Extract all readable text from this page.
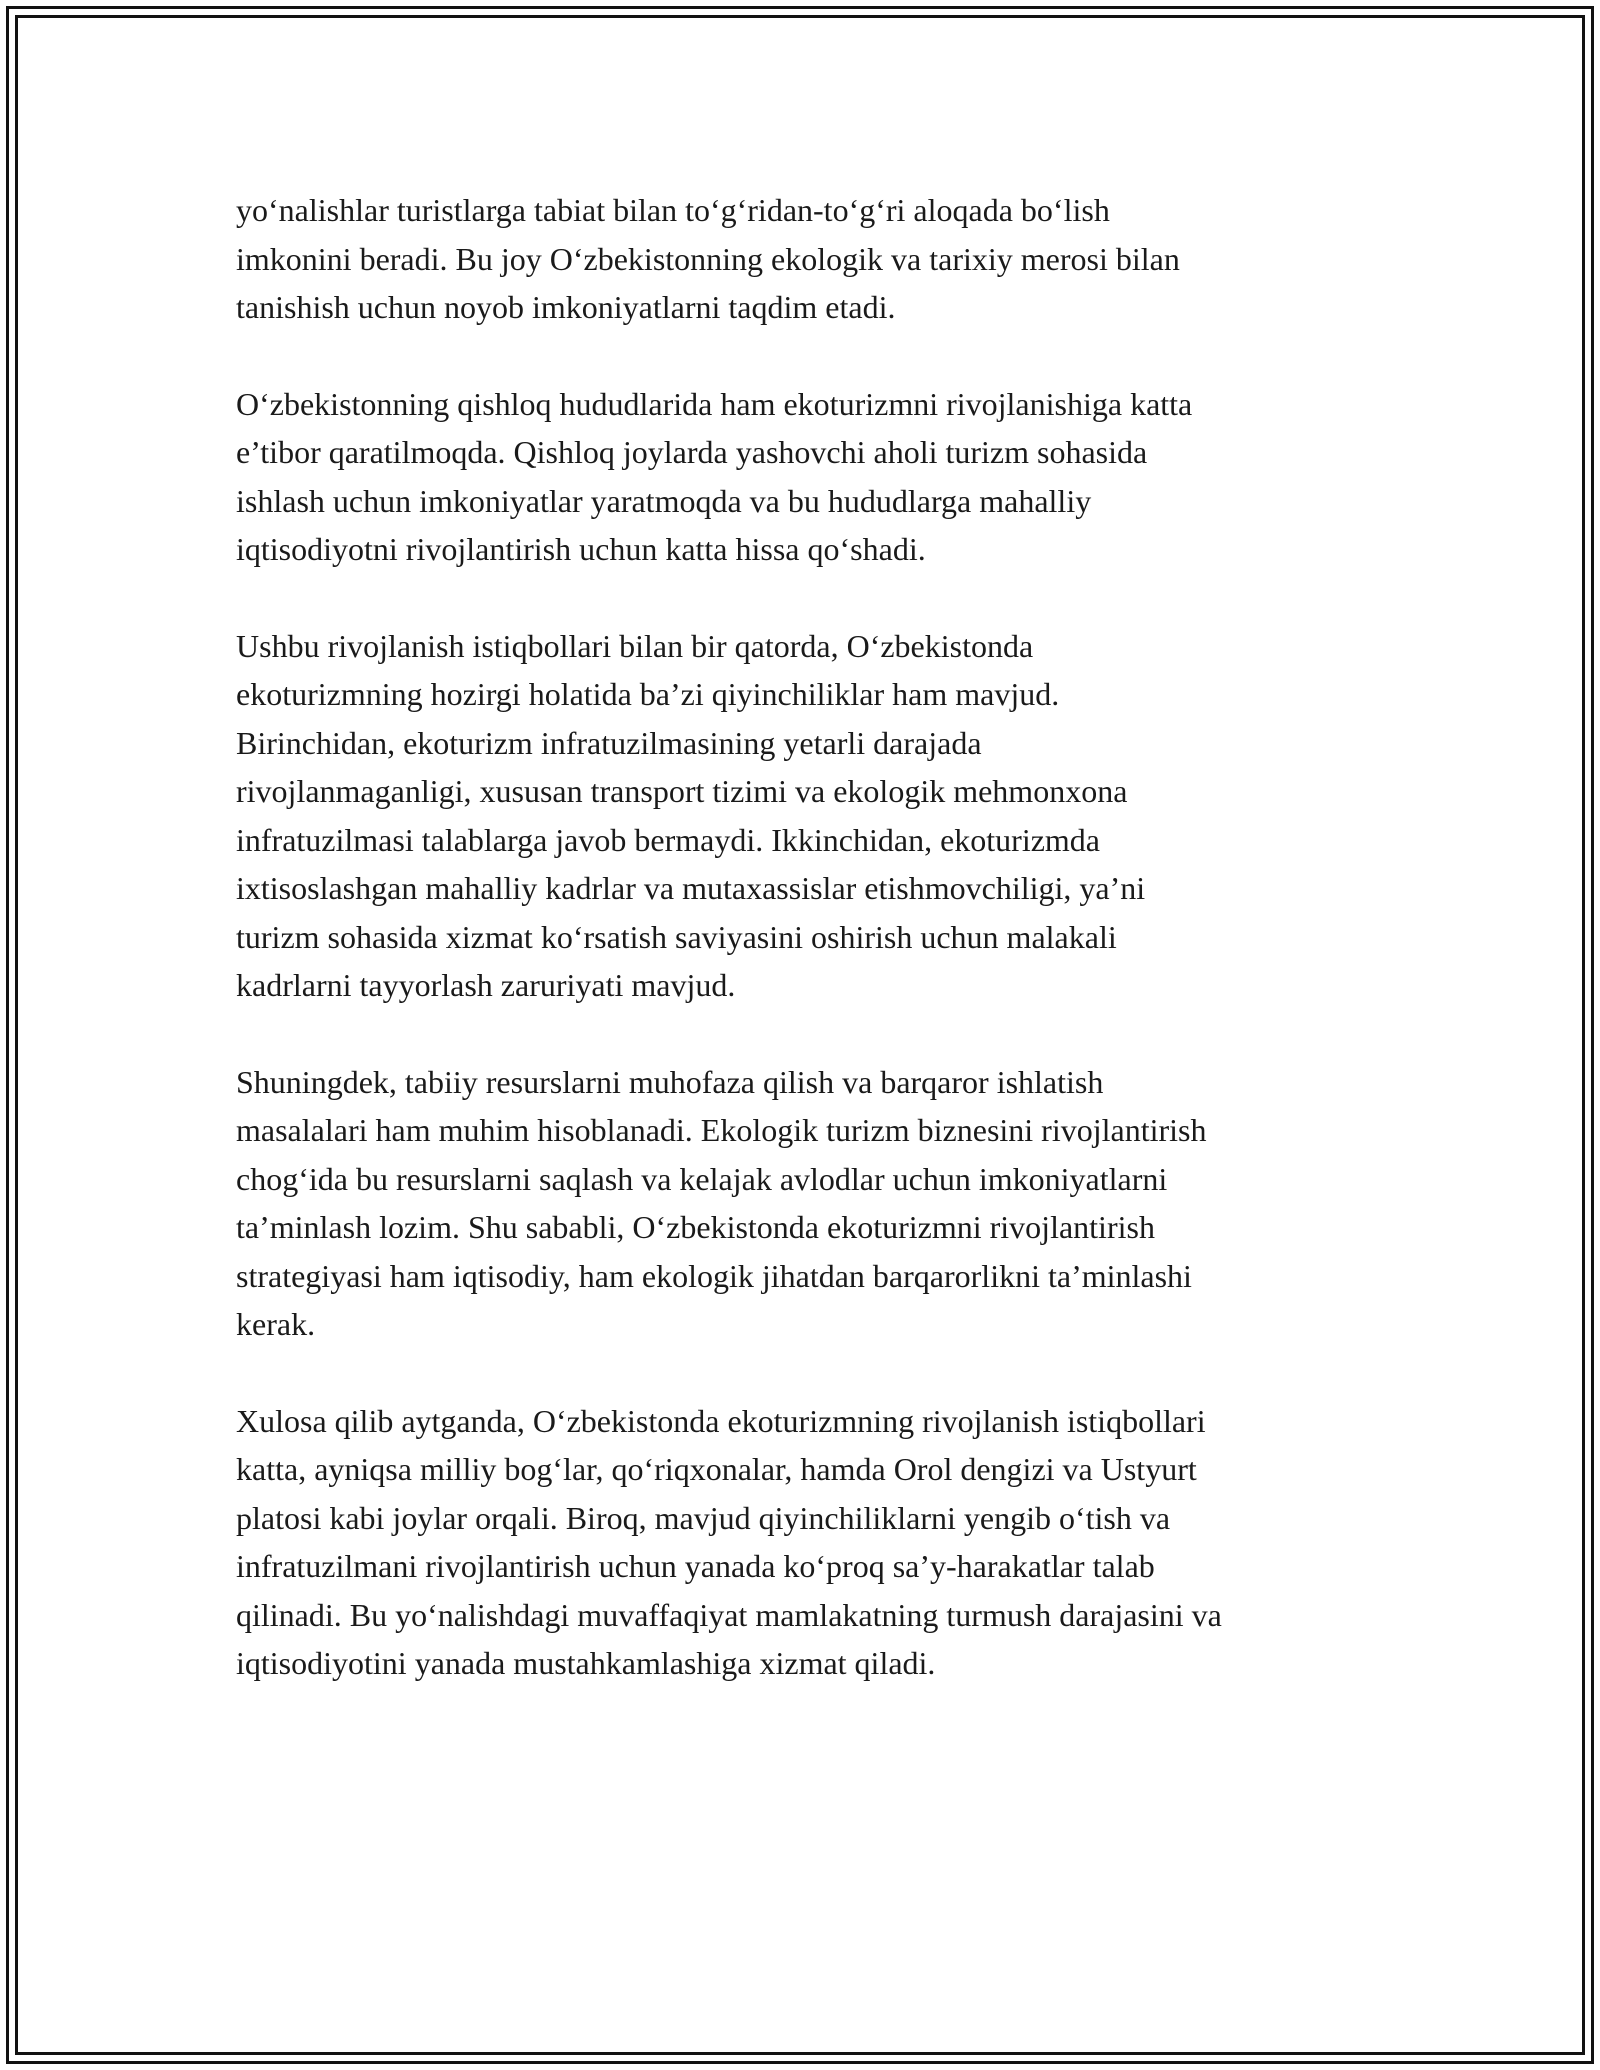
yo‘nalishlar turistlarga tabiat bilan to‘g‘ridan-to‘g‘ri aloqada bo‘lish
imkonini beradi. Bu joy O‘zbekistonning ekologik va tarixiy merosi bilan
tanishish uchun noyob imkoniyatlarni taqdim etadi.

O‘zbekistonning qishloq hududlarida ham ekoturizmni rivojlanishiga katta
e’tibor qaratilmoqda. Qishloq joylarda yashovchi aholi turizm sohasida
ishlash uchun imkoniyatlar yaratmoqda va bu hududlarga mahalliy
iqtisodiyotni rivojlantirish uchun katta hissa qo‘shadi.

Ushbu rivojlanish istiqbollari bilan bir qatorda, O‘zbekistonda
ekoturizmning hozirgi holatida ba’zi qiyinchiliklar ham mavjud.
Birinchidan, ekoturizm infratuzilmasining yetarli darajada
rivojlanmaganligi, xususan transport tizimi va ekologik mehmonxona
infratuzilmasi talablarga javob bermaydi. Ikkinchidan, ekoturizmda
ixtisoslashgan mahalliy kadrlar va mutaxassislar etishmovchiligi, ya’ni
turizm sohasida xizmat ko‘rsatish saviyasini oshirish uchun malakali
kadrlarni tayyorlash zaruriyati mavjud.

Shuningdek, tabiiy resurslarni muhofaza qilish va barqaror ishlatish
masalalari ham muhim hisoblanadi. Ekologik turizm biznesini rivojlantirish
chog‘ida bu resurslarni saqlash va kelajak avlodlar uchun imkoniyatlarni
ta’minlash lozim. Shu sababli, O‘zbekistonda ekoturizmni rivojlantirish
strategiyasi ham iqtisodiy, ham ekologik jihatdan barqarorlikni ta’minlashi
kerak.

Xulosa qilib aytganda, O‘zbekistonda ekoturizmning rivojlanish istiqbollari
katta, ayniqsa milliy bog‘lar, qo‘riqxonalar, hamda Orol dengizi va Ustyurt
platosi kabi joylar orqali. Biroq, mavjud qiyinchiliklarni yengib o‘tish va
infratuzilmani rivojlantirish uchun yanada ko‘proq sa’y-harakatlar talab
qilinadi. Bu yo‘nalishdagi muvaffaqiyat mamlakatning turmush darajasini va
iqtisodiyotini yanada mustahkamlashiga xizmat qiladi.
